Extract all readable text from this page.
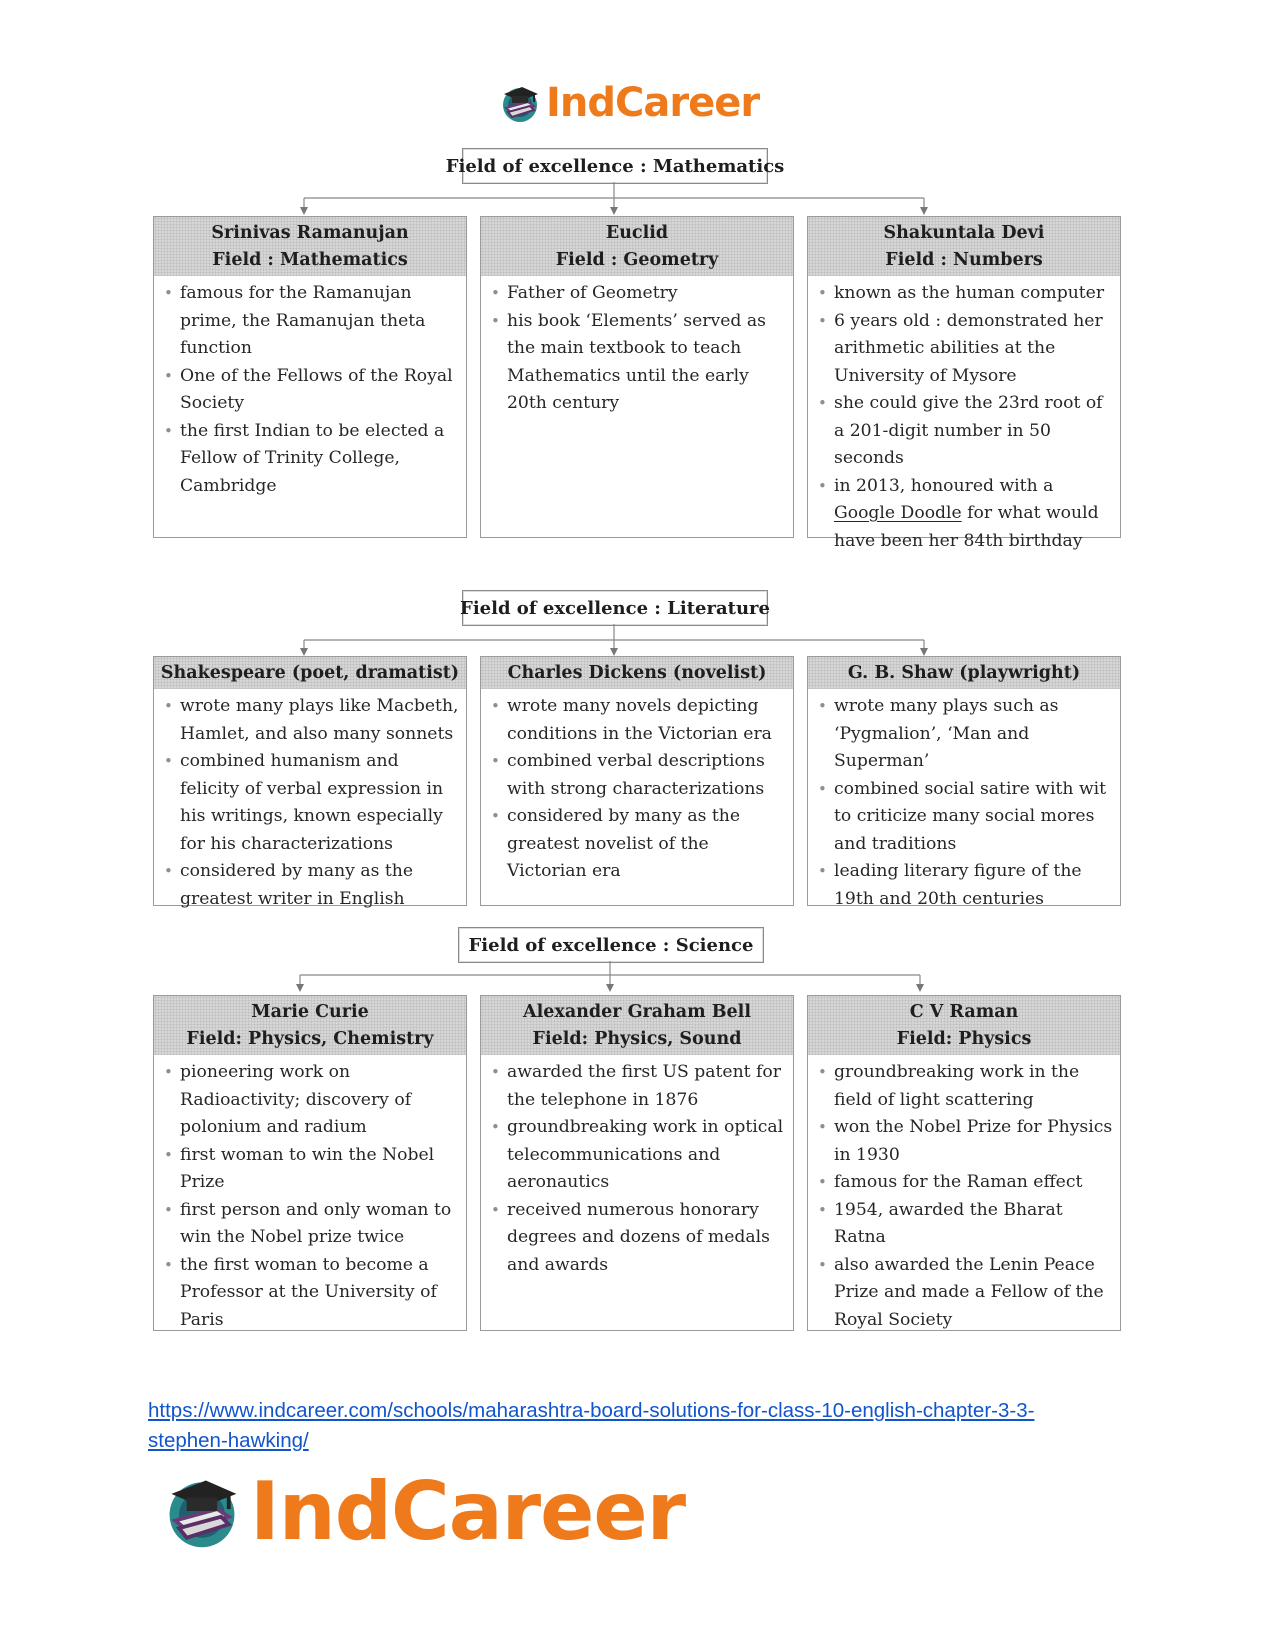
IndCareer
Field of excellence : Mathematics
Srinivas Ramanujan
Field : Mathematics
• famous for the Ramanujan prime, the Ramanujan theta function
• One of the Fellows of the Royal Society
• the first Indian to be elected a Fellow of Trinity College, Cambridge
Euclid
Field : Geometry
• Father of Geometry
• his book ‘Elements’ served as the main textbook to teach Mathematics until the early 20th century
Shakuntala Devi
Field : Numbers
• known as the human computer
• 6 years old : demonstrated her arithmetic abilities at the University of Mysore
• she could give the 23rd root of a 201-digit number in 50 seconds
• in 2013, honoured with a Google Doodle for what would have been her 84th birthday
Field of excellence : Literature
Shakespeare (poet, dramatist)
• wrote many plays like Macbeth, Hamlet, and also many sonnets
• combined humanism and felicity of verbal expression in his writings, known especially for his characterizations
• considered by many as the greatest writer in English
Charles Dickens (novelist)
• wrote many novels depicting conditions in the Victorian era
• combined verbal descriptions with strong characterizations
• considered by many as the greatest novelist of the Victorian era
G. B. Shaw (playwright)
• wrote many plays such as ‘Pygmalion’, ‘Man and Superman’
• combined social satire with wit to criticize many social mores and traditions
• leading literary figure of the 19th and 20th centuries
Field of excellence : Science
Marie Curie
Field: Physics, Chemistry
• pioneering work on Radioactivity; discovery of polonium and radium
• first woman to win the Nobel Prize
• first person and only woman to win the Nobel prize twice
• the first woman to become a Professor at the University of Paris
Alexander Graham Bell
Field: Physics, Sound
• awarded the first US patent for the telephone in 1876
• groundbreaking work in optical telecommunications and aeronautics
• received numerous honorary degrees and dozens of medals and awards
C V Raman
Field: Physics
• groundbreaking work in the field of light scattering
• won the Nobel Prize for Physics in 1930
• famous for the Raman effect
• 1954, awarded the Bharat Ratna
• also awarded the Lenin Peace Prize and made a Fellow of the Royal Society
https://www.indcareer.com/schools/maharashtra-board-solutions-for-class-10-english-chapter-3-3-stephen-hawking/
IndCareer
